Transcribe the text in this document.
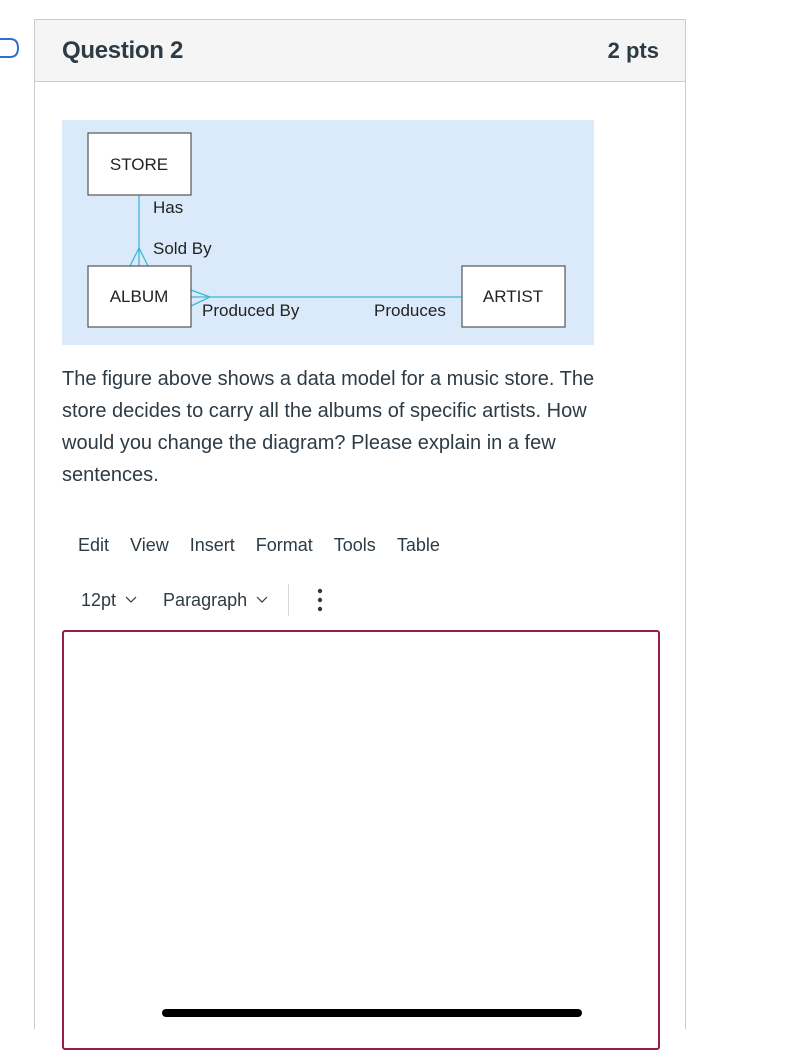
Question 2	2 pts
STORE
ALBUM	ARTIST
Has
Sold By
Produced By	Produces
The figure above shows a data model for a music store. The store decides to carry all the albums of specific artists. How would you change the diagram? Please explain in a few sentences.
Edit View Insert Format Tools Table
12pt	Paragraph
